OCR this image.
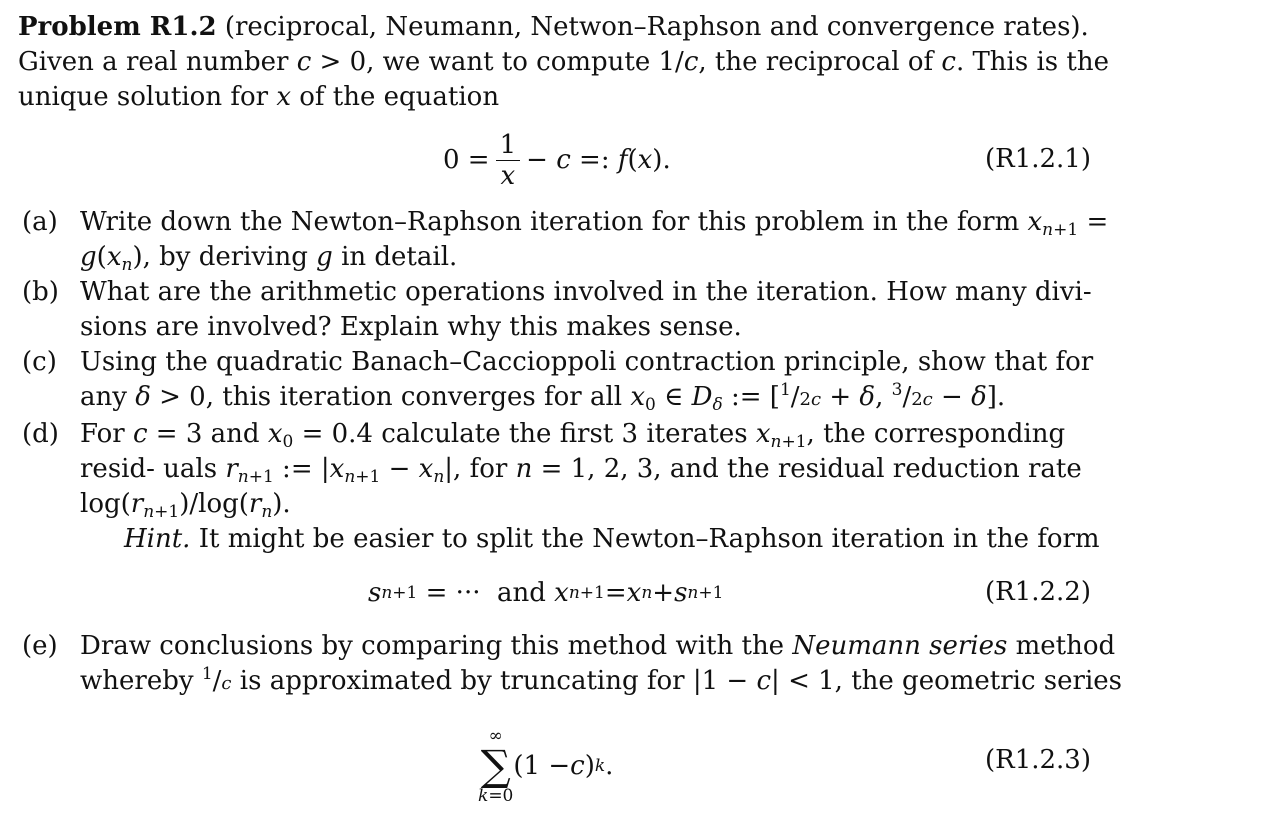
Problem R1.2 (reciprocal, Neumann, Netwon–Raphson and convergence rates). Given a real number c > 0, we want to compute 1/c, the reciprocal of c. This is the unique solution for x of the equation

$0 = \frac{1}{x} - c$ =: f ( x ).	(R1.2.1)
(a) Write down the Newton–Raphson iteration for this problem in the form $x_{n+1} = g(x_n)$, by deriving g in detail.
(b) What are the arithmetic operations involved in the iteration. How many divi- sions are involved? Explain why this makes sense.
(c) Using the quadratic Banach–Caccioppoli contraction principle, show that for any δ > 0, this iteration converges for all $x_0$ ∈ $D_\delta$ := [$^1$/2c + δ, $^3$/2c − δ].
(d) For c = 3 and $x_0 = 0.4$ calculate the first 3 iterates $x_{n+1}$, the corresponding resid- uals $r_{n+1}$ := $|x_{n+1} - x_n|$, for n = 1, 2, 3, and the residual reduction rate $\log(r_{n+1})/\log(r_n)$.
Hint. It might be easier to split the Newton–Raphson iteration in the form
s n+1 = ··· and
x n+1 = x n + s n+1	(R1.2.2)
(e) Draw conclusions by comparing this method with the Neumann series method whereby $^1$/c is approximated by truncating for |1 − c| < 1, the geometric series
∞
∑
k=0
(1 − c ) k .	(R1.2.3)
